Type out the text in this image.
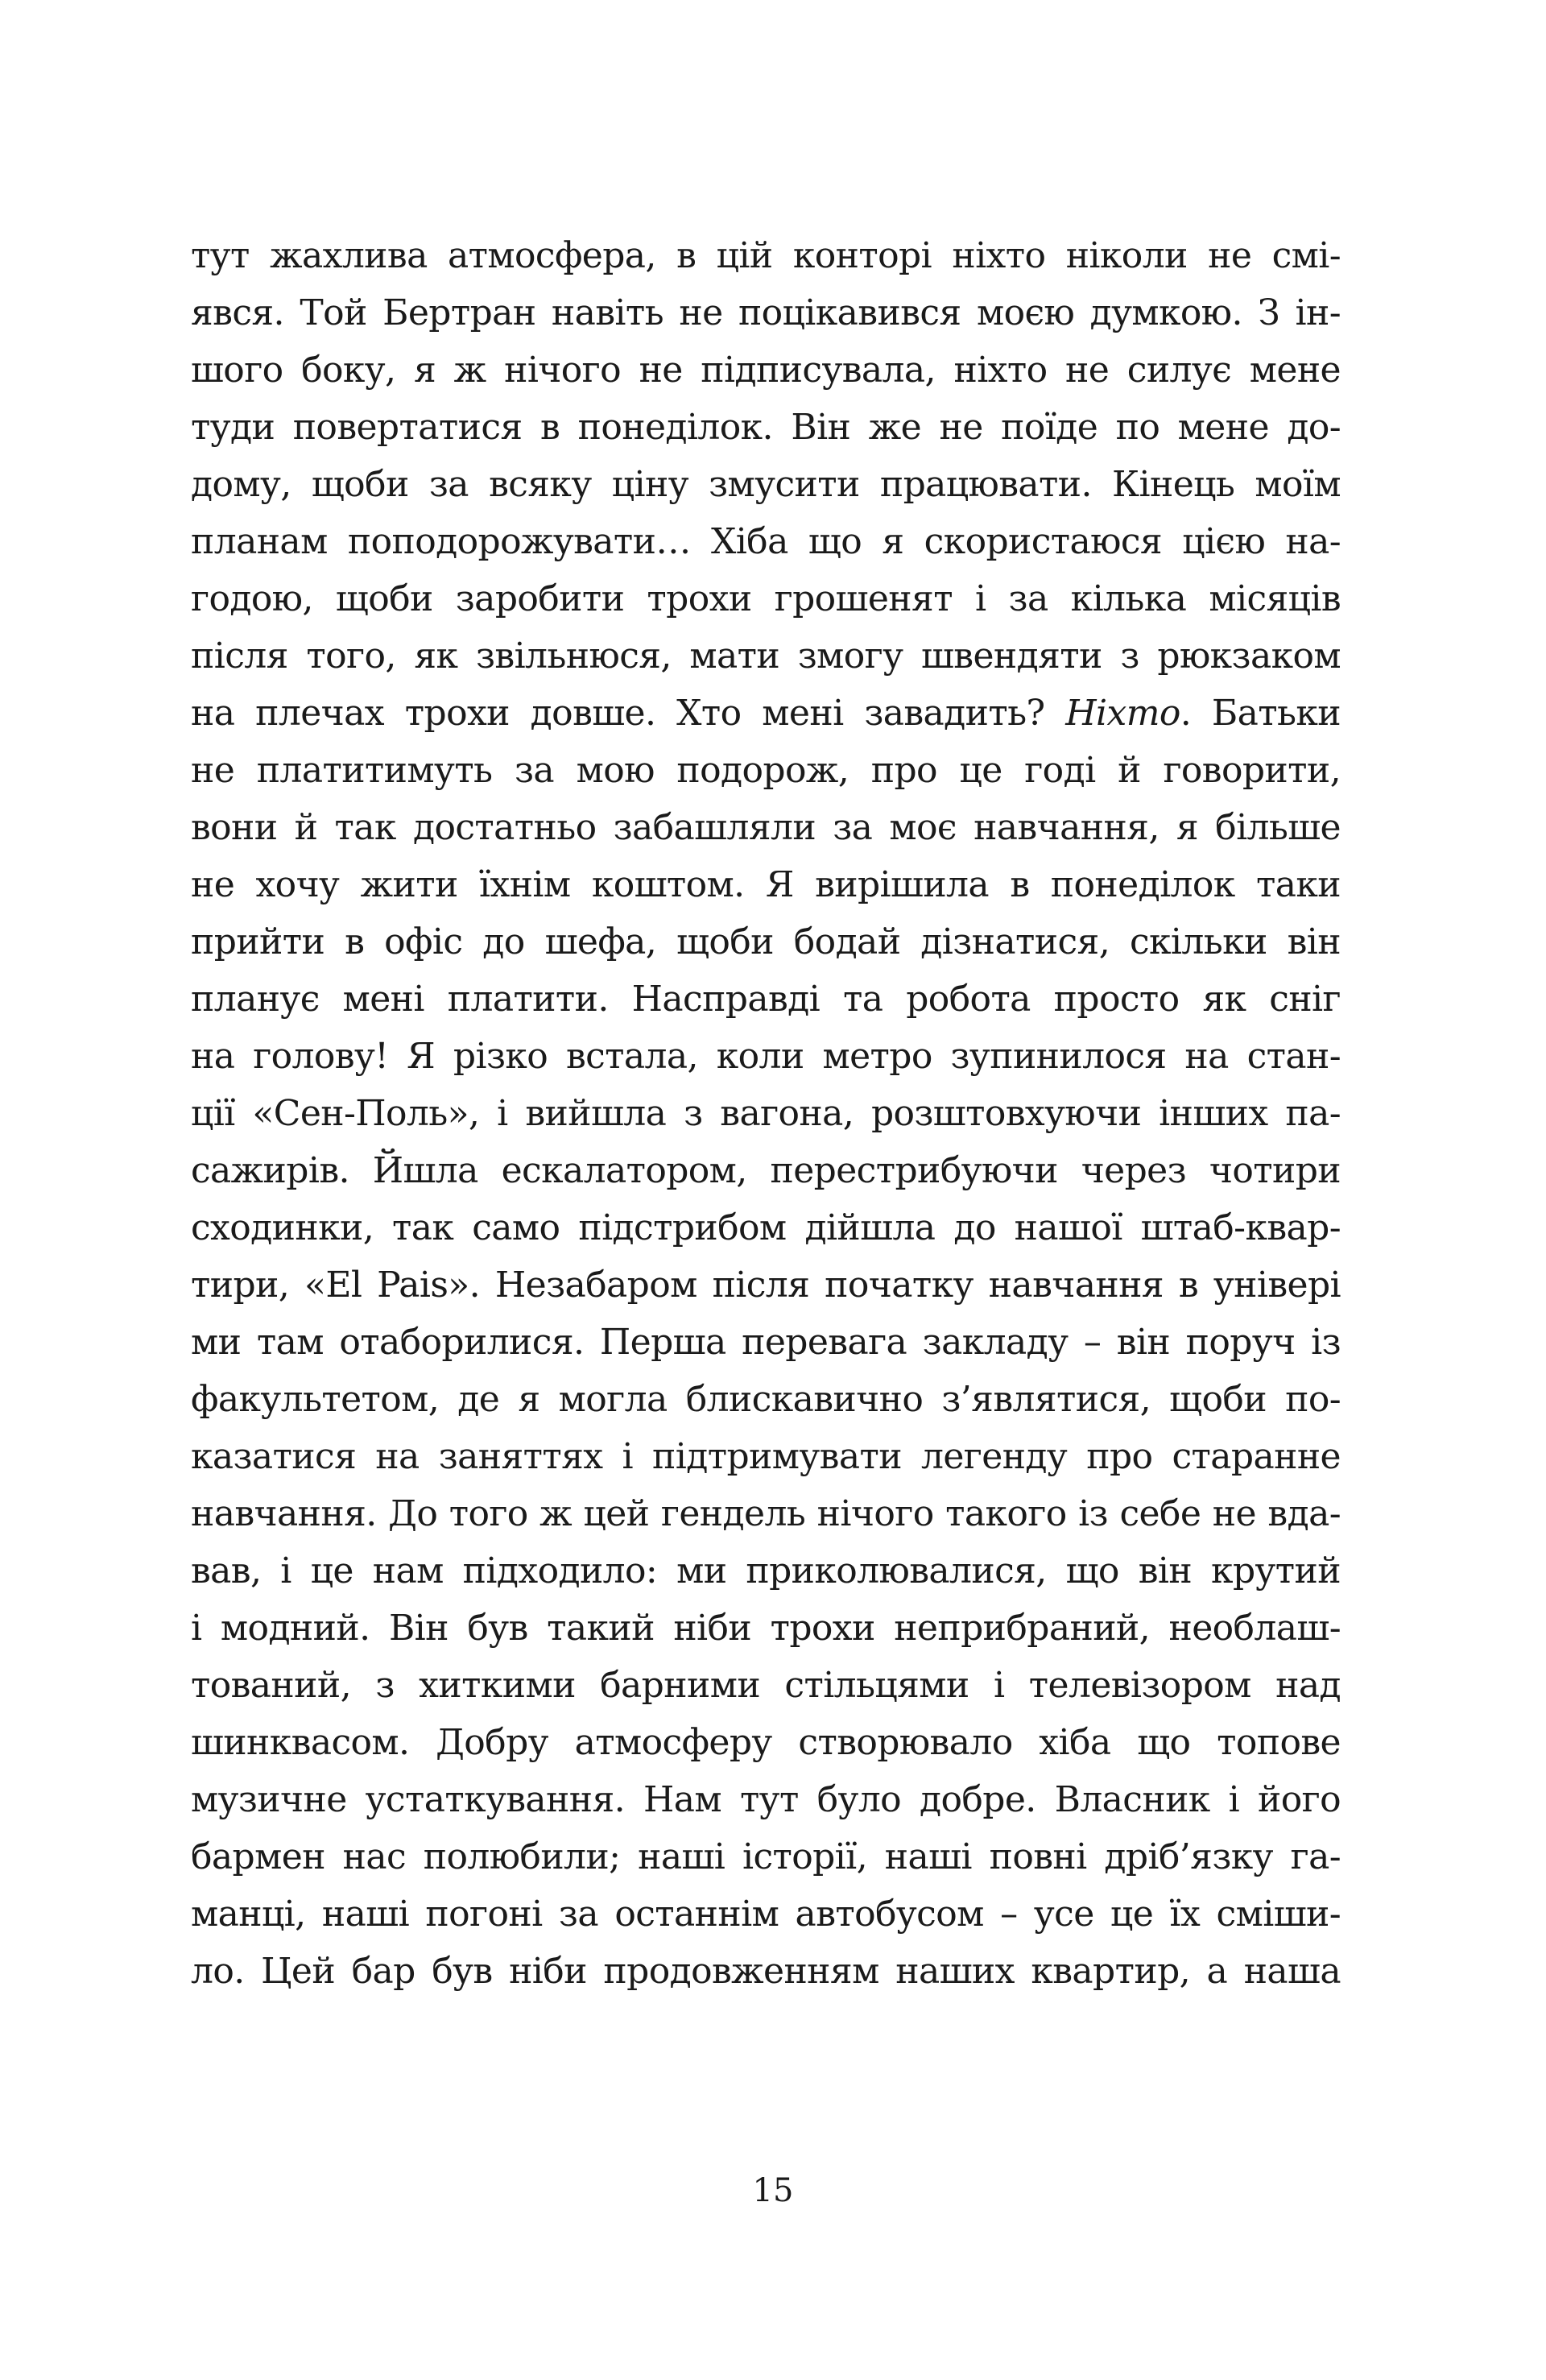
тут жахлива атмосфера, в цій конторі ніхто ніколи не смі-
явся. Той Бертран навіть не поцікавився моєю думкою. З ін-
шого боку, я ж нічого не підписувала, ніхто не силує мене
туди повертатися в понеділок. Він же не поїде по мене до-
дому, щоби за всяку ціну змусити працювати. Кінець моїм
планам поподорожувати… Хіба що я скористаюся цією на-
годою, щоби заробити трохи грошенят і за кілька місяців
після того, як звільнюся, мати змогу швендяти з рюкзаком
на плечах трохи довше. Хто мені завадить? Ніхто. Батьки
не платитимуть за мою подорож, про це годі й говорити,
вони й так достатньо забашляли за моє навчання, я більше
не хочу жити їхнім коштом. Я вирішила в понеділок таки
прийти в офіс до шефа, щоби бодай дізнатися, скільки він
планує мені платити. Насправді та робота просто як сніг
на голову! Я різко встала, коли метро зупинилося на стан-
ції «Сен-Поль», і вийшла з вагона, розштовхуючи інших па-
сажирів. Йшла ескалатором, перестрибуючи через чотири
сходинки, так само підстрибом дійшла до нашої штаб-квар-
тири, «El Pais». Незабаром після початку навчання в універі
ми там отаборилися. Перша перевага закладу – він поруч із
факультетом, де я могла блискавично з’являтися, щоби по-
казатися на заняттях і підтримувати легенду про старанне
навчання. До того ж цей гендель нічого такого із себе не вда-
вав, і це нам підходило: ми приколювалися, що він крутий
і модний. Він був такий ніби трохи неприбраний, необлаш-
тований, з хиткими барними стільцями і телевізором над
шинквасом. Добру атмосферу створювало хіба що топове
музичне устаткування. Нам тут було добре. Власник і його
бармен нас полюбили; наші історії, наші повні дріб’язку га-
манці, наші погоні за останнім автобусом – усе це їх сміши-
ло. Цей бар був ніби продовженням наших квартир, а наша
15
